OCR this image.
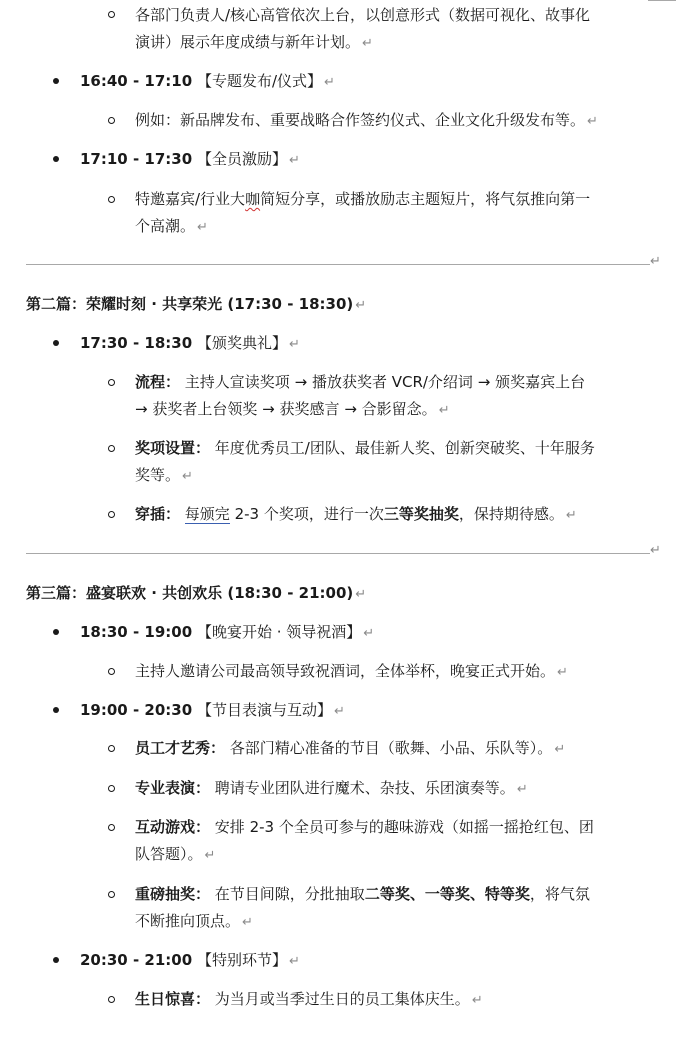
各部门负责人/核心高管依次上台，以创意形式（数据可视化、故事化
演讲）展示年度成绩与新年计划。 ↵
16:40 - 17:10 【专题发布/仪式】 ↵
例如：新品牌发布、重要战略合作签约仪式、企业文化升级发布等。 ↵
17:10 - 17:30 【全员激励】 ↵
特邀嘉宾/行业大咖简短分享，或播放励志主题短片，将气氛推向第一
个高潮。 ↵
↵
第二篇：荣耀时刻 · 共享荣光 (17:30 - 18:30) ↵
17:30 - 18:30 【颁奖典礼】 ↵
流程： 主持人宣读奖项 → 播放获奖者 VCR/介绍词 → 颁奖嘉宾上台
→ 获奖者上台领奖 → 获奖感言 → 合影留念。 ↵
奖项设置： 年度优秀员工/团队、最佳新人奖、创新突破奖、十年服务
奖等。 ↵
穿插： 每颁完 2-3 个奖项，进行一次三等奖抽奖，保持期待感。 ↵
↵
第三篇：盛宴联欢 · 共创欢乐 (18:30 - 21:00) ↵
18:30 - 19:00 【晚宴开始 · 领导祝酒】 ↵
主持人邀请公司最高领导致祝酒词，全体举杯，晚宴正式开始。 ↵
19:00 - 20:30 【节目表演与互动】 ↵
员工才艺秀： 各部门精心准备的节目（歌舞、小品、乐队等）。 ↵
专业表演： 聘请专业团队进行魔术、杂技、乐团演奏等。 ↵
互动游戏： 安排 2-3 个全员可参与的趣味游戏（如摇一摇抢红包、团
队答题）。 ↵
重磅抽奖： 在节目间隙，分批抽取二等奖、一等奖、特等奖，将气氛
不断推向顶点。 ↵
20:30 - 21:00 【特别环节】 ↵
生日惊喜： 为当月或当季过生日的员工集体庆生。 ↵
